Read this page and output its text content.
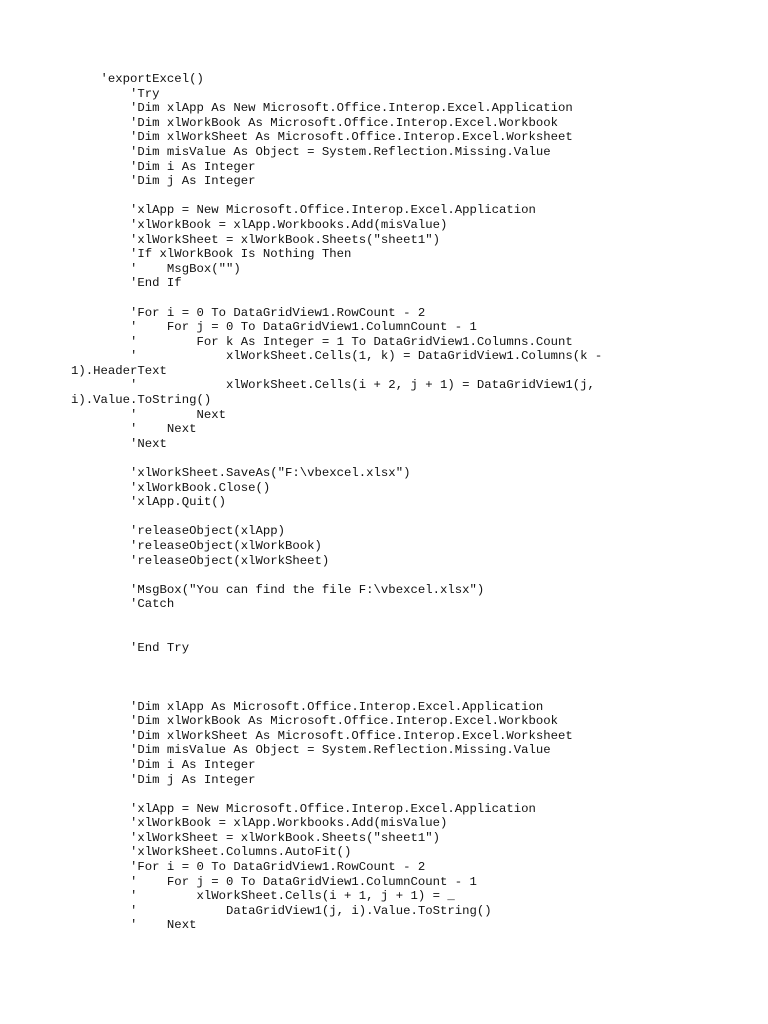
'exportExcel()
'Try
'Dim xlApp As New Microsoft.Office.Interop.Excel.Application
'Dim xlWorkBook As Microsoft.Office.Interop.Excel.Workbook
'Dim xlWorkSheet As Microsoft.Office.Interop.Excel.Worksheet
'Dim misValue As Object = System.Reflection.Missing.Value
'Dim i As Integer
'Dim j As Integer
'xlApp = New Microsoft.Office.Interop.Excel.Application
'xlWorkBook = xlApp.Workbooks.Add(misValue)
'xlWorkSheet = xlWorkBook.Sheets("sheet1")
'If xlWorkBook Is Nothing Then
'    MsgBox("")
'End If
'For i = 0 To DataGridView1.RowCount - 2
'    For j = 0 To DataGridView1.ColumnCount - 1
'        For k As Integer = 1 To DataGridView1.Columns.Count
'            xlWorkSheet.Cells(1, k) = DataGridView1.Columns(k -
1).HeaderText
'            xlWorkSheet.Cells(i + 2, j + 1) = DataGridView1(j,
i).Value.ToString()
'        Next
'    Next
'Next
'xlWorkSheet.SaveAs("F:\vbexcel.xlsx")
'xlWorkBook.Close()
'xlApp.Quit()
'releaseObject(xlApp)
'releaseObject(xlWorkBook)
'releaseObject(xlWorkSheet)
'MsgBox("You can find the file F:\vbexcel.xlsx")
'Catch
'End Try
'Dim xlApp As Microsoft.Office.Interop.Excel.Application
'Dim xlWorkBook As Microsoft.Office.Interop.Excel.Workbook
'Dim xlWorkSheet As Microsoft.Office.Interop.Excel.Worksheet
'Dim misValue As Object = System.Reflection.Missing.Value
'Dim i As Integer
'Dim j As Integer
'xlApp = New Microsoft.Office.Interop.Excel.Application
'xlWorkBook = xlApp.Workbooks.Add(misValue)
'xlWorkSheet = xlWorkBook.Sheets("sheet1")
'xlWorkSheet.Columns.AutoFit()
'For i = 0 To DataGridView1.RowCount - 2
'    For j = 0 To DataGridView1.ColumnCount - 1
'        xlWorkSheet.Cells(i + 1, j + 1) = _
'            DataGridView1(j, i).Value.ToString()
'    Next
